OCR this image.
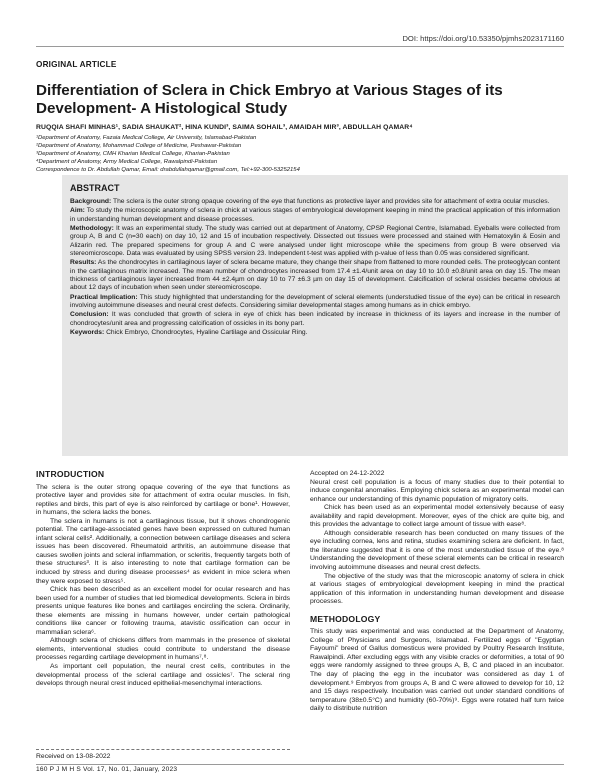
DOI: https://doi.org/10.53350/pjmhs2023171160
ORIGINAL ARTICLE
Differentiation of Sclera in Chick Embryo at Various Stages of its Development- A Histological Study
RUQQIA SHAFI MINHAS¹, SADIA SHAUKAT², HINA KUNDI³, SAIMA SOHAIL³, AMAIDAH MIR³, ABDULLAH QAMAR⁴
¹Department of Anatomy, Fazaia Medical College, Air University, Islamabad-Pakistan
²Department of Anatomy, Mohammad College of Medicine, Peshawar-Pakistan
³Department of Anatomy, CMH Kharian Medical College, Kharian-Pakistan
⁴Department of Anatomy, Army Medical College, Rawalpindi-Pakistan
Correspondence to Dr. Abdullah Qamar, Email: drabdullahqamar@gmail.com, Tel:+92-300-53252154
ABSTRACT

Background: The sclera is the outer strong opaque covering of the eye that functions as protective layer and provides site for attachment of extra ocular muscles.

Aim: To study the microscopic anatomy of sclera in chick at various stages of embryological development keeping in mind the practical application of this information in understanding human development and disease processes.

Methodology: It was an experimental study. The study was carried out at department of Anatomy, CPSP Regional Centre, Islamabad. Eyeballs were collected from group A, B and C (n=30 each) on day 10, 12 and 15 of incubation respectively. Dissected out tissues were processed and stained with Hematoxylin & Eosin and Alizarin red. The prepared specimens for group A and C were analysed under light microscope while the specimens from group B were observed via stereomicroscope. Data was evaluated by using SPSS version 23. Independent t-test was applied with p-value of less than 0.05 was considered significant.

Results: As the chondrocytes in cartilaginous layer of sclera became mature, they change their shape from flattened to more rounded cells. The proteoglycan content in the cartilaginous matrix increased. The mean number of chondrocytes increased from 17.4 ±1.4/unit area on day 10 to 10.0 ±0.8/unit area on day 15. The mean thickness of cartilaginous layer increased from 44 ±2.4µm on day 10 to 77 ±6.3 µm on day 15 of development. Calcification of scleral ossicles became obvious at about 12 days of incubation when seen under stereomicroscope.

Practical Implication: This study highlighted that understanding for the development of scleral elements (understudied tissue of the eye) can be critical in research involving autoimmune diseases and neural crest defects. Considering similar developmental stages among humans as in chick embryo.

Conclusion: It was concluded that growth of sclera in eye of chick has been indicated by increase in thickness of its layers and increase in the number of chondrocytes/unit area and progressing calcification of ossicles in its bony part.

Keywords: Chick Embryo, Chondrocytes, Hyaline Cartilage and Ossicular Ring.

INTRODUCTION

The sclera is the outer strong opaque covering of the eye that functions as protective layer and provides site for attachment of extra ocular muscles. In fish, reptiles and birds, this part of eye is also reinforced by cartilage or bone¹. However, in humans, the sclera lacks the bones.

The sclera in humans is not a cartilaginous tissue, but it shows chondrogenic potential. The cartilage-associated genes have been expressed on cultured human infant scleral cells². Additionally, a connection between cartilage diseases and sclera issues has been discovered. Rheumatoid arthritis, an autoimmune disease that causes swollen joints and scleral inflammation, or scleritis, frequently targets both of these structures³. It is also interesting to note that cartilage formation can be induced by stress and during disease processes⁴ as evident in mice sclera when they were exposed to stress⁵.

Chick has been described as an excellent model for ocular research and has been used for a number of studies that led biomedical developments. Sclera in birds presents unique features like bones and cartilages encircling the sclera. Ordinarily, these elements are missing in humans however, under certain pathological conditions like cancer or following trauma, atavistic ossification can occur in mammalian sclera⁶.

Although sclera of chickens differs from mammals in the presence of skeletal elements, interventional studies could contribute to understand the disease processes regarding cartilage development in humans⁷,⁸.

As important cell population, the neural crest cells, contributes in the developmental process of the scleral cartilage and ossicles⁷. The scleral ring develops through neural crest induced epithelial-mesenchymal interactions.

Received on 13-08-2022

Accepted on 24-12-2022

Neural crest cell population is a focus of many studies due to their potential to induce congenital anomalies. Employing chick sclera as an experimental model can enhance our understanding of this dynamic population of migratory cells.

Chick has been used as an experimental model extensively because of easy availability and rapid development. Moreover, eyes of the chick are quite big, and this provides the advantage to collect large amount of tissue with ease⁸.

Although considerable research has been conducted on many tissues of the eye including cornea, lens and retina, studies examining sclera are deficient. In fact, the literature suggested that it is one of the most understudied tissue of the eye.⁸ Understanding the development of these scleral elements can be critical in research involving autoimmune diseases and neural crest defects.

The objective of the study was that the microscopic anatomy of sclera in chick at various stages of embryological development keeping in mind the practical application of this information in understanding human development and disease processes.

METHODOLOGY

This study was experimental and was conducted at the Department of Anatomy, College of Physicians and Surgeons, Islamabad. Fertilized eggs of "Egyptian Fayoumi" breed of Gallus domesticus were provided by Poultry Research Institute, Rawalpindi. After excluding eggs with any visible cracks or deformities, a total of 90 eggs were randomly assigned to three groups A, B, C and placed in an incubator. The day of placing the egg in the incubator was considered as day 1 of development.⁹ Embryos from groups A, B and C were allowed to develop for 10, 12 and 15 days respectively. Incubation was carried out under standard conditions of temperature (38±0.5°C) and humidity (60-70%)⁹. Eggs were rotated half turn twice daily to distribute nutrition

160 P J M H S Vol. 17, No. 01, January, 2023
